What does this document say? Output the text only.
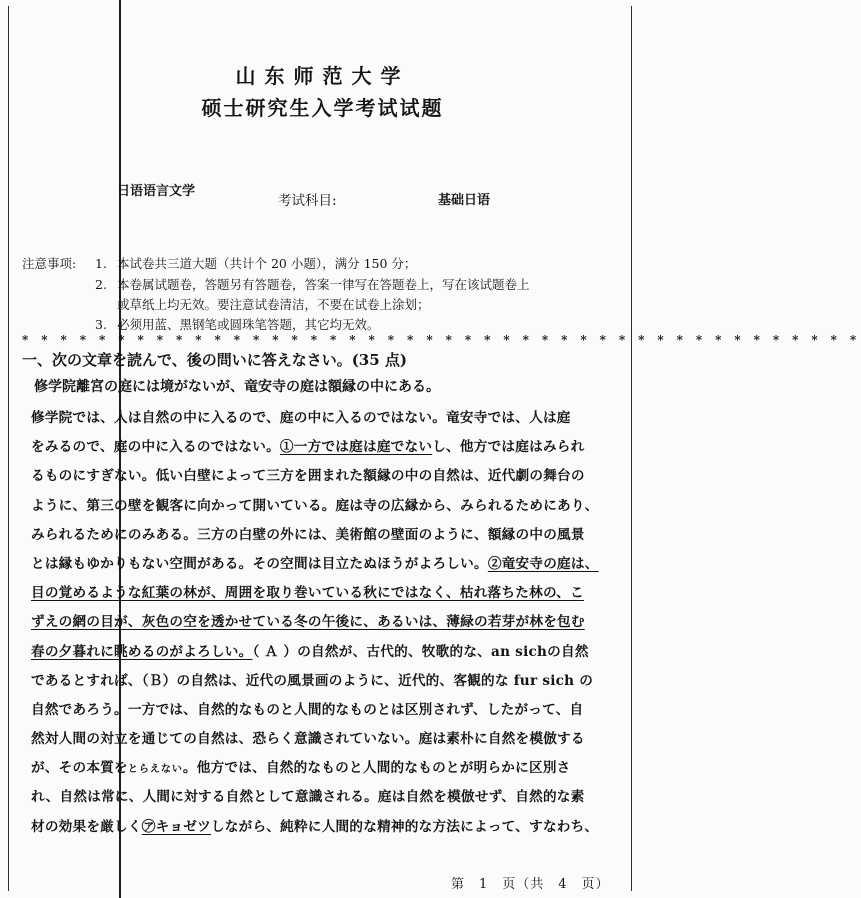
山东师范大学
硕士研究生入学考试试题
日语语言文学
考试科目:	基础日语
注意事项: 1. 本试卷共三道大题（共计个 20 小题），满分 150 分；
2. 本卷属试题卷，答题另有答题卷，答案一律写在答题卷上，写在该试题卷上
或草纸上均无效。要注意试卷清洁，不要在试卷上涂划；
3. 必须用蓝、黑钢笔或圆珠笔答题，其它均无效。
* * * * * * * * * * * * * * * * * * * * * * * * * * * * * * * * * * * * * * * * * * * *
一、次の文章を読んで、後の問いに答えなさい。(35 点)
修学院離宮の庭には境がないが、竜安寺の庭は額縁の中にある。
修学院では、人は自然の中に入るので、庭の中に入るのではない。竜安寺では、人は庭
をみるので、庭の中に入るのではない。①一方では庭は庭でないし、他方では庭はみられ
るものにすぎない。低い白壁によって三方を囲まれた額縁の中の自然は、近代劇の舞台の
ように、第三の壁を観客に向かって開いている。庭は寺の広縁から、みられるためにあり、
みられるためにのみある。三方の白壁の外には、美術館の壁面のように、額縁の中の風景
とは縁もゆかりもない空間がある。その空間は目立たぬほうがよろしい。②竜安寺の庭は、
目の覚めるような紅葉の林が、周囲を取り巻いている秋にではなく、枯れ落ちた林の、こ
ずえの網の目が、灰色の空を透かせている冬の午後に、あるいは、薄緑の若芽が林を包む
春の夕暮れに眺めるのがよろしい。（ Ａ ）の自然が、古代的、牧歌的な、an sichの自然
であるとすれば、（Ｂ）の自然は、近代の風景画のように、近代的、客観的な fur sich の
自然であろう。一方では、自然的なものと人間的なものとは区別されず、したがって、自
然対人間の対立を通じての自然は、恐らく意識されていない。庭は素朴に自然を模倣する
が、その本質をとらえない。他方では、自然的なものと人間的なものとが明らかに区別さ
れ、自然は常に、人間に対する自然として意識される。庭は自然を模倣せず、自然的な素
材の効果を厳しく㋐キョゼツしながら、純粋に人間的な精神的な方法によって、すなわち、
第　1　页（共　4　页）
